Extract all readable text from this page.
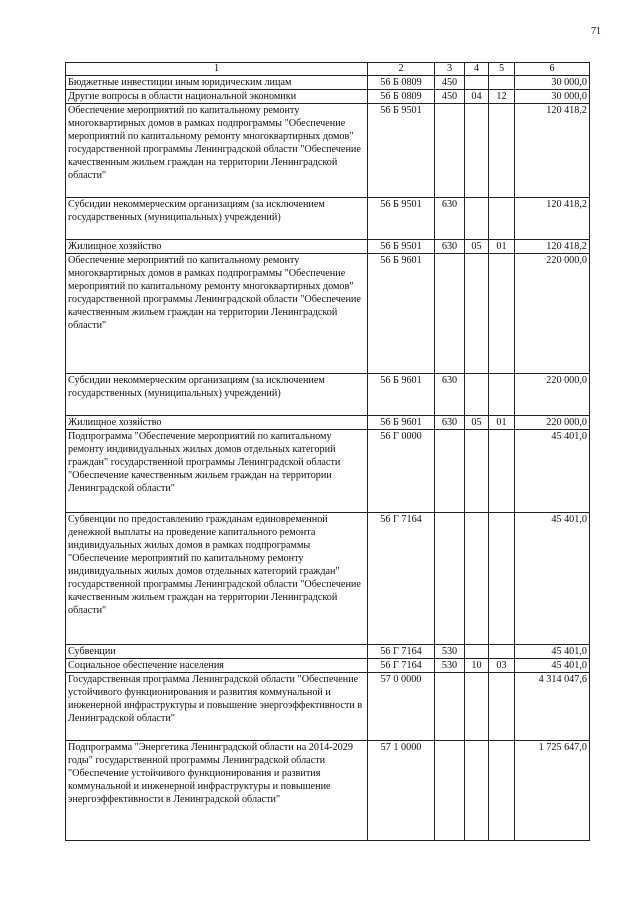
71
1	2	3	4	5	6
Бюджетные инвестиции иным юридическим лицам	56 Б 0809	450			30 000,0
Другие вопросы в области национальной экономики	56 Б 0809	450	04	12	30 000,0
Обеспечение мероприятий по капитальному ремонту многоквартирных домов в рамках подпрограммы "Обеспечение мероприятий по капитальному ремонту многоквартирных домов" государственной программы Ленинградской области "Обеспечение качественным жильем граждан на территории Ленинградской области"	56 Б 9501				120 418,2
Субсидии некоммерческим организациям (за исключением государственных (муниципальных) учреждений)	56 Б 9501	630			120 418,2
Жилищное хозяйство	56 Б 9501	630	05	01	120 418,2
Обеспечение мероприятий по капитальному ремонту многоквартирных домов в рамках подпрограммы "Обеспечение мероприятий по капитальному ремонту многоквартирных домов" государственной программы Ленинградской области "Обеспечение качественным жильем граждан на территории Ленинградской области"	56 Б 9601				220 000,0
Субсидии некоммерческим организациям (за исключением государственных (муниципальных) учреждений)	56 Б 9601	630			220 000,0
Жилищное хозяйство	56 Б 9601	630	05	01	220 000,0
Подпрограмма "Обеспечение мероприятий по капитальному ремонту индивидуальных жилых домов отдельных категорий граждан" государственной программы Ленинградской области "Обеспечение качественным жильем граждан на территории Ленинградской области"	56 Г 0000				45 401,0
Субвенции по предоставлению гражданам единовременной денежной выплаты на проведение капитального ремонта индивидуальных жилых домов в рамках подпрограммы "Обеспечение мероприятий по капитальному ремонту индивидуальных жилых домов отдельных категорий граждан" государственной программы Ленинградской области "Обеспечение качественным жильем граждан на территории Ленинградской области"	56 Г 7164				45 401,0
Субвенции	56 Г 7164	530			45 401,0
Социальное обеспечение населения	56 Г 7164	530	10	03	45 401,0
Государственная программа Ленинградской области "Обеспечение устойчивого функционирования и развития коммунальной и инженерной инфраструктуры и повышение энергоэффективности в Ленинградской области"	57 0 0000				4 314 047,6
Подпрограмма "Энергетика Ленинградской области на 2014-2029 годы" государственной программы Ленинградской области "Обеспечение устойчивого функционирования и развития коммунальной и инженерной инфраструктуры и повышение энергоэффективности в Ленинградской области"	57 1 0000				1 725 647,0
